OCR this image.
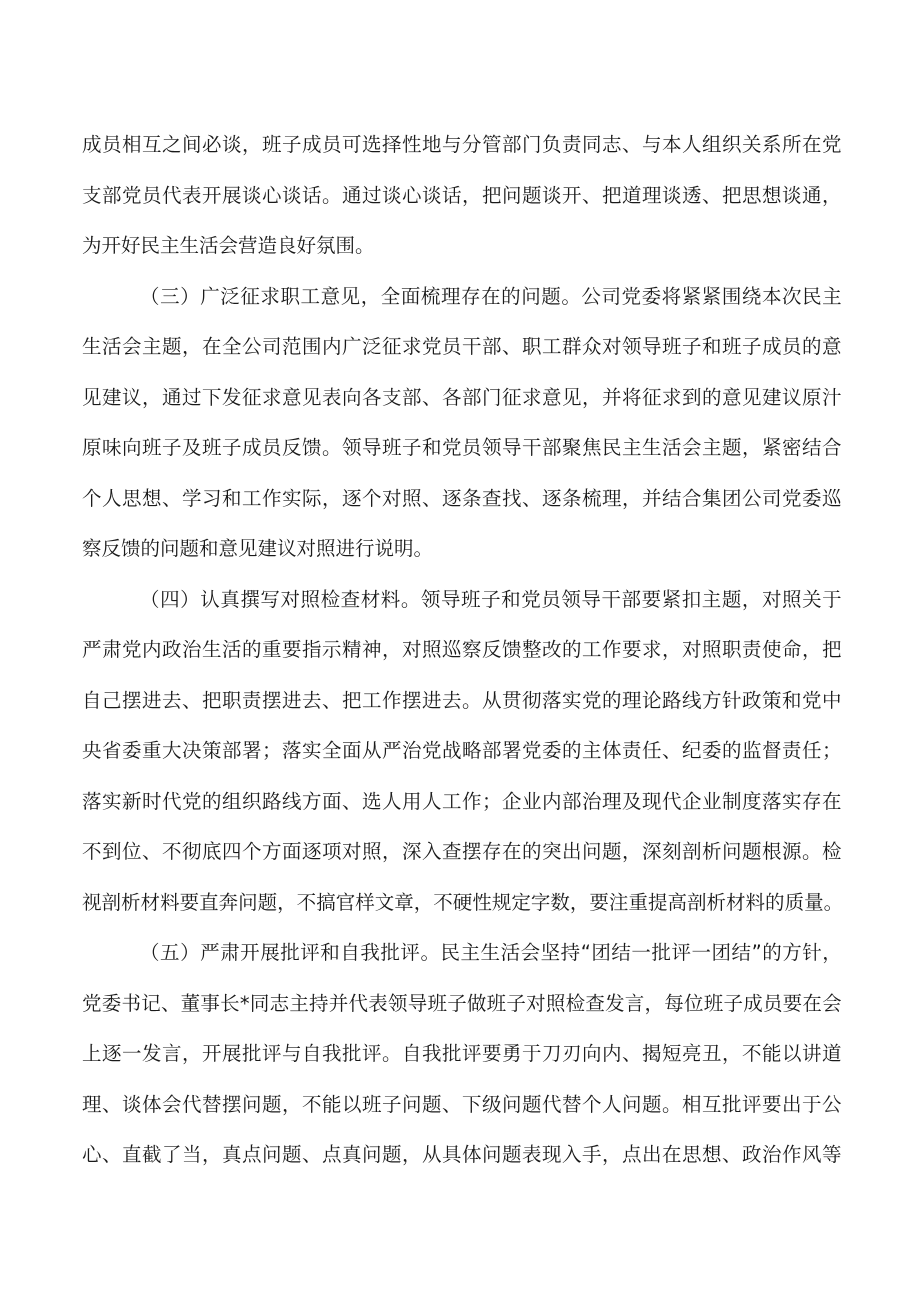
成 员 相 互 之 间 必 谈 ， 班 子 成 员 可 选 择 性 地 与 分 管 部 门 负 责 同 志 、 与 本 人 组 织 关 系 所 在 党
支 部 党 员 代 表 开 展 谈 心 谈 话 。 通 过 谈 心 谈 话 ， 把 问 题 谈 开 、 把 道 理 谈 透 、 把 思 想 谈 通 ，
为开好民主生活会营造良好氛围。
（ 三 ） 广 泛 征 求 职 工 意 见 ， 全 面 梳 理 存 在 的 问 题 。 公 司 党 委 将 紧 紧 围 绕 本 次 民 主
生 活 会 主 题 ， 在 全 公 司 范 围 内 广 泛 征 求 党 员 干 部 、 职 工 群 众 对 领 导 班 子 和 班 子 成 员 的 意
见 建 议 ， 通 过 下 发 征 求 意 见 表 向 各 支 部 、 各 部 门 征 求 意 见 ， 并 将 征 求 到 的 意 见 建 议 原 汁
原 味 向 班 子 及 班 子 成 员 反 馈 。 领 导 班 子 和 党 员 领 导 干 部 聚 焦 民 主 生 活 会 主 题 ， 紧 密 结 合
个 人 思 想 、 学 习 和 工 作 实 际 ， 逐 个 对 照 、 逐 条 查 找 、 逐 条 梳 理 ， 并 结 合 集 团 公 司 党 委 巡
察反馈的问题和意见建议对照进行说明。
（ 四 ） 认 真 撰 写 对 照 检 查 材 料 。 领 导 班 子 和 党 员 领 导 干 部 要 紧 扣 主 题 ， 对 照 关 于
严 肃 党 内 政 治 生 活 的 重 要 指 示 精 神 ， 对 照 巡 察 反 馈 整 改 的 工 作 要 求 ， 对 照 职 责 使 命 ， 把
自 己 摆 进 去 、 把 职 责 摆 进 去 、 把 工 作 摆 进 去 。 从 贯 彻 落 实 党 的 理 论 路 线 方 针 政 策 和 党 中
央 省 委 重 大 决 策 部 署 ； 落 实 全 面 从 严 治 党 战 略 部 署 党 委 的 主 体 责 任 、 纪 委 的 监 督 责 任 ；
落 实 新 时 代 党 的 组 织 路 线 方 面 、 选 人 用 人 工 作 ； 企 业 内 部 治 理 及 现 代 企 业 制 度 落 实 存 在
不 到 位 、 不 彻 底 四 个 方 面 逐 项 对 照 ， 深 入 查 摆 存 在 的 突 出 问 题 ， 深 刻 剖 析 问 题 根 源 。 检
视 剖 析 材 料 要 直 奔 问 题 ， 不 搞 官 样 文 章 ， 不 硬 性 规 定 字 数 ， 要 注 重 提 高 剖 析 材 料 的 质 量 。
（ 五 ） 严 肃 开 展 批 评 和 自 我 批 评 。 民 主 生 活 会 坚 持 “ 团 结 一 批 评 一 团 结 ” 的 方 针 ，
党 委 书 记 、 董 事 长 * 同 志 主 持 并 代 表 领 导 班 子 做 班 子 对 照 检 查 发 言 ， 每 位 班 子 成 员 要 在 会
上 逐 一 发 言 ， 开 展 批 评 与 自 我 批 评 。 自 我 批 评 要 勇 于 刀 刃 向 内 、 揭 短 亮 丑 ， 不 能 以 讲 道
理 、 谈 体 会 代 替 摆 问 题 ， 不 能 以 班 子 问 题 、 下 级 问 题 代 替 个 人 问 题 。 相 互 批 评 要 出 于 公
心 、 直 截 了 当 ， 真 点 问 题 、 点 真 问 题 ， 从 具 体 问 题 表 现 入 手 ， 点 出 在 思 想 、 政 治 作 风 等
